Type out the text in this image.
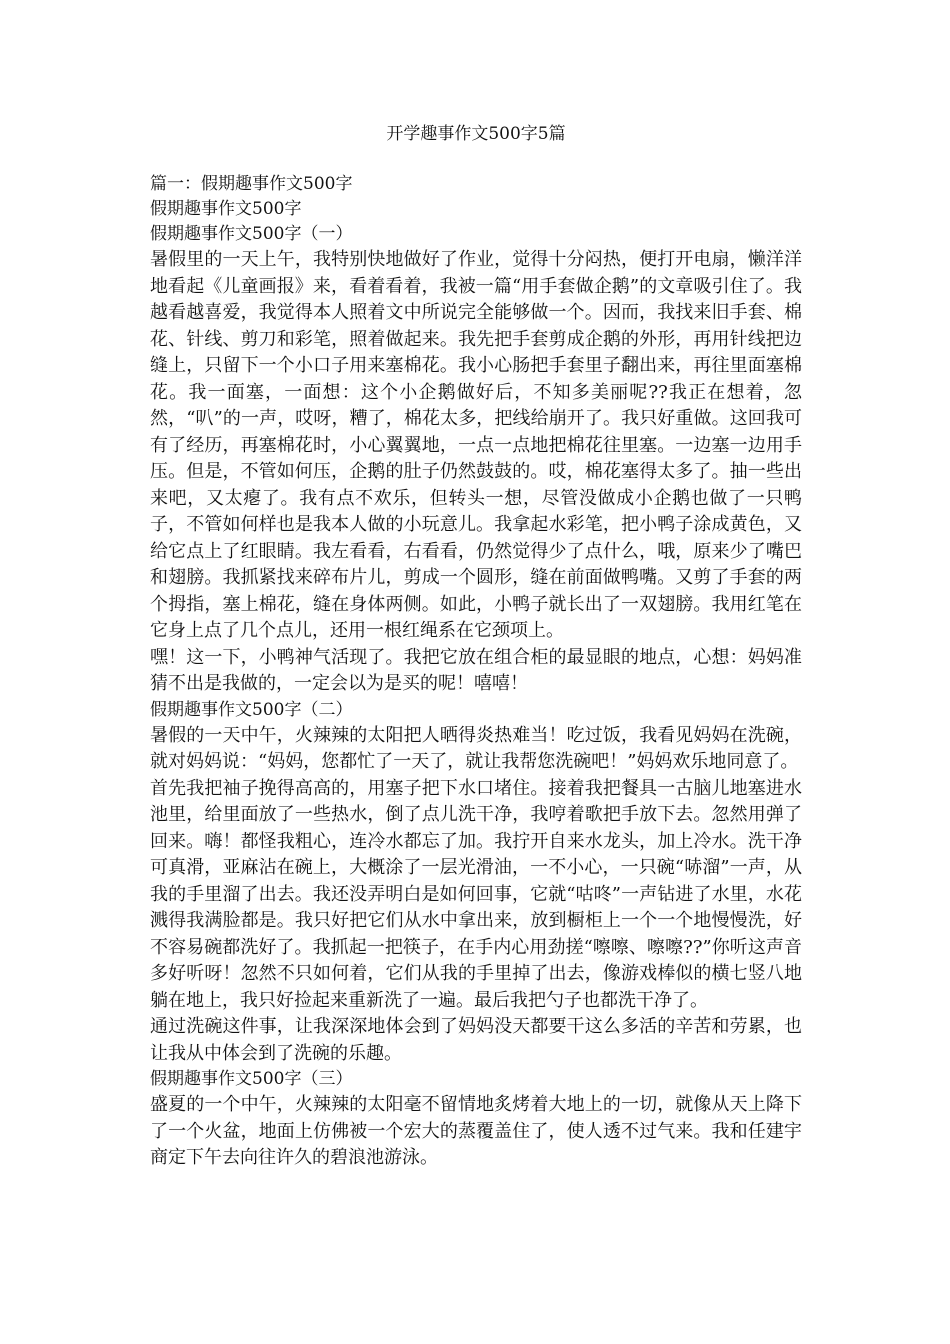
开学趣事作文500字5篇
篇一：假期趣事作文500字
假期趣事作文500字
假期趣事作文500字（一）

暑假里的一天上午，我特别快地做好了作业，觉得十分闷热，便打开电扇，懒洋洋地看起《儿童画报》来，看着看着，我被一篇“用手套做企鹅”的文章吸引住了。我越看越喜爱，我觉得本人照着文中所说完全能够做一个。因而，我找来旧手套、棉花、针线、剪刀和彩笔，照着做起来。我先把手套剪成企鹅的外形，再用针线把边缝上，只留下一个小口子用来塞棉花。我小心肠把手套里子翻出来，再往里面塞棉花。我一面塞，一面想：这个小企鹅做好后，不知多美丽呢??我正在想着，忽然，“叭”的一声，哎呀，糟了，棉花太多，把线给崩开了。我只好重做。这回我可有了经历，再塞棉花时，小心翼翼地，一点一点地把棉花往里塞。一边塞一边用手压。但是，不管如何压，企鹅的肚子仍然鼓鼓的。哎，棉花塞得太多了。抽一些出来吧，又太瘪了。我有点不欢乐，但转头一想，尽管没做成小企鹅也做了一只鸭子，不管如何样也是我本人做的小玩意儿。我拿起水彩笔，把小鸭子涂成黄色，又给它点上了红眼睛。我左看看，右看看，仍然觉得少了点什么，哦，原来少了嘴巴和翅膀。我抓紧找来碎布片儿，剪成一个圆形，缝在前面做鸭嘴。又剪了手套的两个拇指，塞上棉花，缝在身体两侧。如此，小鸭子就长出了一双翅膀。我用红笔在它身上点了几个点儿，还用一根红绳系在它颈项上。

嘿！这一下，小鸭神气活现了。我把它放在组合柜的最显眼的地点，心想：妈妈准猜不出是我做的，一定会以为是买的呢！嘻嘻！

假期趣事作文500字（二）

暑假的一天中午，火辣辣的太阳把人晒得炎热难当！吃过饭，我看见妈妈在洗碗，就对妈妈说：“妈妈，您都忙了一天了，就让我帮您洗碗吧！”妈妈欢乐地同意了。

首先我把袖子挽得高高的，用塞子把下水口堵住。接着我把餐具一古脑儿地塞进水池里，给里面放了一些热水，倒了点儿洗干净，我哼着歌把手放下去。忽然用弹了回来。嗨！都怪我粗心，连冷水都忘了加。我拧开自来水龙头，加上冷水。洗干净可真滑，亚麻沾在碗上，大概涂了一层光滑油，一不小心，一只碗“哧溜”一声，从我的手里溜了出去。我还没弄明白是如何回事，它就“咕咚”一声钻进了水里，水花溅得我满脸都是。我只好把它们从水中拿出来，放到橱柜上一个一个地慢慢洗，好不容易碗都洗好了。我抓起一把筷子，在手内心用劲搓“嚓嚓、嚓嚓??”你听这声音多好听呀！忽然不只如何着，它们从我的手里掉了出去，像游戏棒似的横七竖八地躺在地上，我只好捡起来重新洗了一遍。最后我把勺子也都洗干净了。

通过洗碗这件事，让我深深地体会到了妈妈没天都要干这么多活的辛苦和劳累，也让我从中体会到了洗碗的乐趣。

假期趣事作文500字（三）

盛夏的一个中午，火辣辣的太阳毫不留情地炙烤着大地上的一切，就像从天上降下了一个火盆，地面上仿佛被一个宏大的蒸覆盖住了，使人透不过气来。我和任建宇商定下午去向往许久的碧浪池游泳。
